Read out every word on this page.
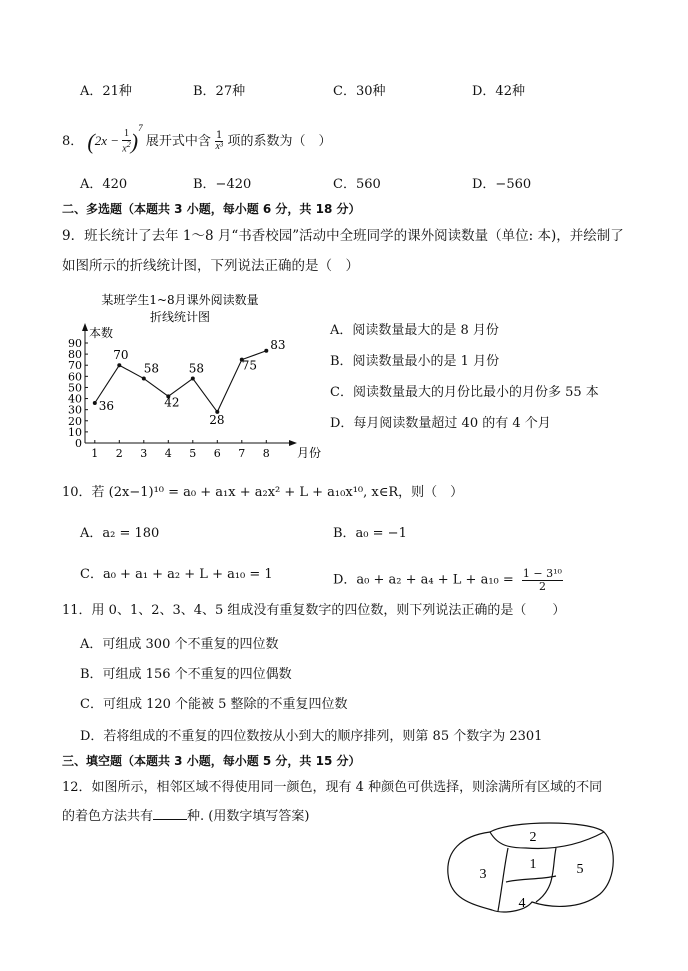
A．21种	B．27种	C．30种	D．42种
8． $(2x - \frac{1}{x^2} )^7$ 展开式中含 $\frac{1}{\text{x³}}$ 项的系数为（　）
A．420	B．−420	C．560	D．−560
二、多选题（本题共 3 小题，每小题 6 分，共 18 分）
9．班长统计了去年 1～8 月“书香校园”活动中全班同学的课外阅读数量（单位: 本)，并绘制了
如图所示的折线统计图，下列说法正确的是（　）
某班学生1~8月课外阅读数量
折线统计图
本数
月份
0
10
20
30
40
50
60
70
80
90
1 2 3 4 5 6 7 8
36
70
58
42
58
28
75
83
A．阅读数量最大的是 8 月份
B．阅读数量最小的是 1 月份
C．阅读数量最大的月份比最小的月份多 55 本
D．每月阅读数量超过 40 的有 4 个月
10．若 (2x−1)¹⁰ = a₀ + a₁x + a₂x² + L + a₁₀x¹⁰, x∈R，则（　）
A．a₂ = 180	B．a₀ = −1
C．a₀ + a₁ + a₂ + L + a₁₀ = 1	D．$a_0 + a_2 + a_4 + L + a_{10} = \frac{\text{1 − 3¹⁰}}{2}$
11．用 0、1、2、3、4、5 组成没有重复数字的四位数，则下列说法正确的是（　　）
A．可组成 300 个不重复的四位数
B．可组成 156 个不重复的四位偶数
C．可组成 120 个能被 5 整除的不重复四位数
D．若将组成的不重复的四位数按从小到大的顺序排列，则第 85 个数字为 2301
三、填空题（本题共 3 小题，每小题 5 分，共 15 分）
12．如图所示，相邻区域不得使用同一颜色，现有 4 种颜色可供选择，则涂满所有区域的不同
的着色方法共有	种. (用数字填写答案)
2
3
1	5
4
